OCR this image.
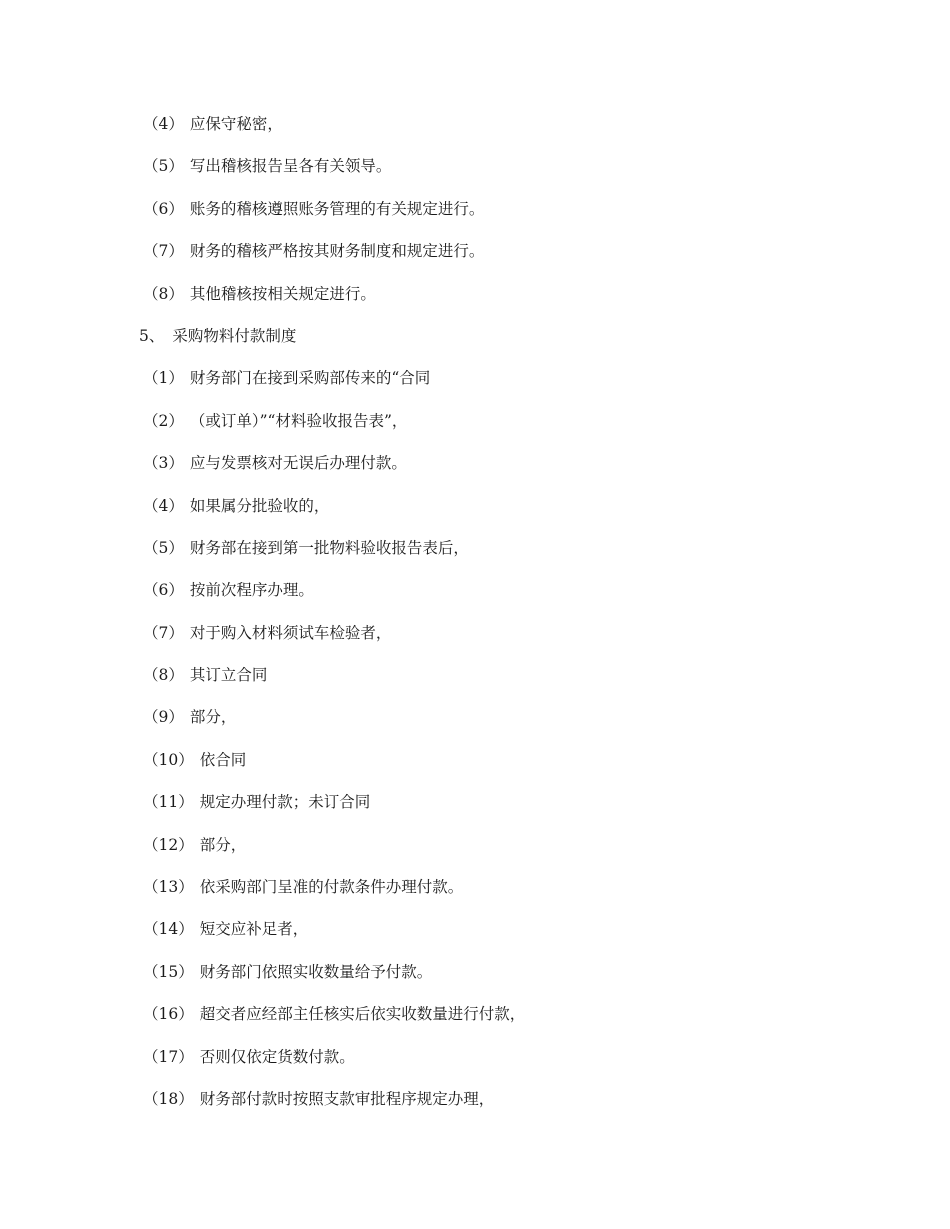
（4） 应保守秘密，
（5） 写出稽核报告呈各有关领导。
（6） 账务的稽核遵照账务管理的有关规定进行。
（7） 财务的稽核严格按其财务制度和规定进行。
（8） 其他稽核按相关规定进行。
5、 采购物料付款制度
（1） 财务部门在接到采购部传来的“合同
（2） （或订单）”“材料验收报告表”，
（3） 应与发票核对无误后办理付款。
（4） 如果属分批验收的，
（5） 财务部在接到第一批物料验收报告表后，
（6） 按前次程序办理。
（7） 对于购入材料须试车检验者，
（8） 其订立合同
（9） 部分，
（10） 依合同
（11） 规定办理付款；未订合同
（12） 部分，
（13） 依采购部门呈准的付款条件办理付款。
（14） 短交应补足者，
（15） 财务部门依照实收数量给予付款。
（16） 超交者应经部主任核实后依实收数量进行付款，
（17） 否则仅依定货数付款。
（18） 财务部付款时按照支款审批程序规定办理，
